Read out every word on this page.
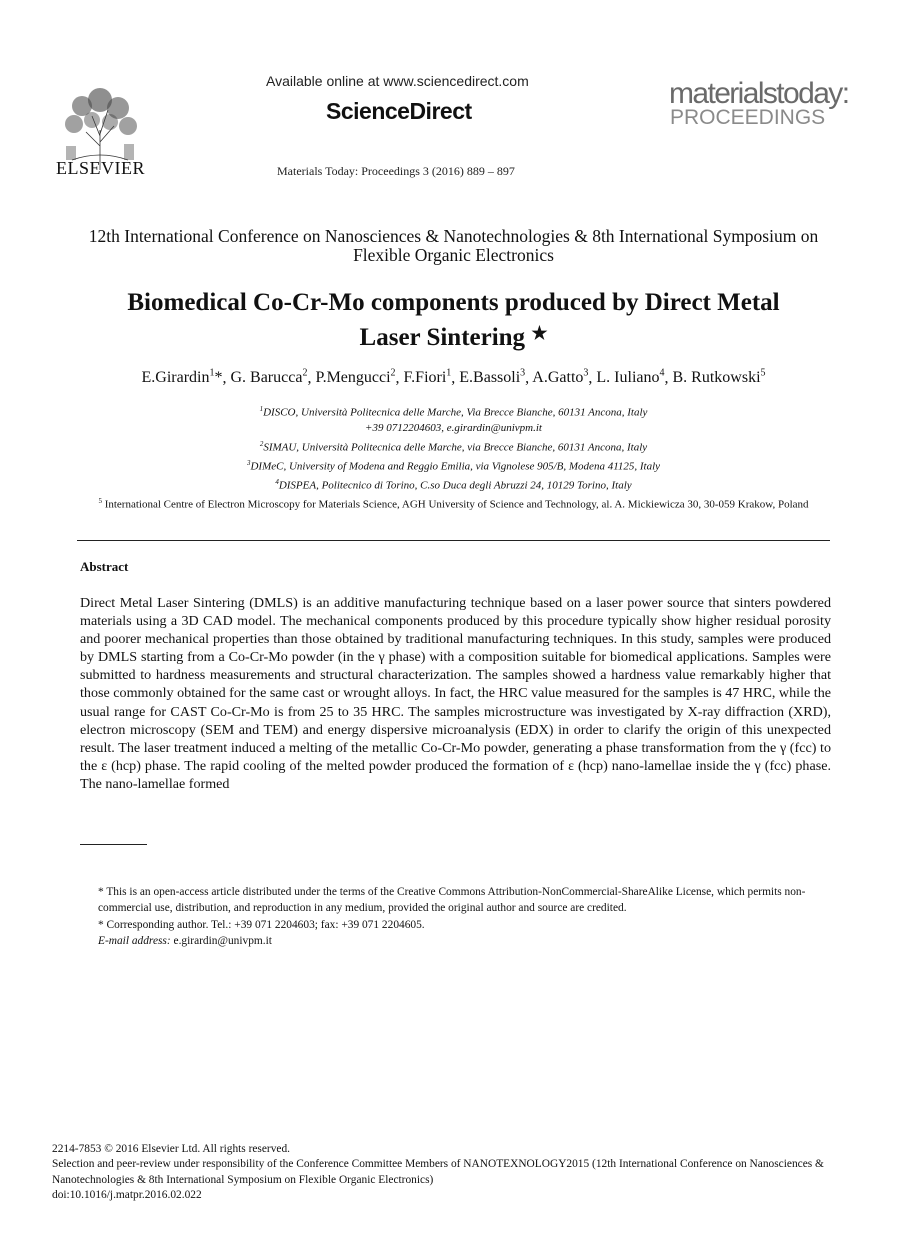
ELSEVIER
Available online at www.sciencedirect.com
ScienceDirect
Materials Today: Proceedings 3 (2016) 889 – 897
materialstoday:
PROCEEDINGS
12th International Conference on Nanosciences & Nanotechnologies & 8th International Symposium on Flexible Organic Electronics
Biomedical Co-Cr-Mo components produced by Direct Metal
Laser Sintering ★
E.Girardin$^1$*, G. Barucca$^2$, P.Mengucci$^2$, F.Fiori$^1$, E.Bassoli$^3$, A.Gatto$^3$, L. Iuliano$^4$, B. Rutkowski$^5$
$^1$DISCO, Università Politecnica delle Marche, Via Brecce Bianche, 60131 Ancona, Italy
+39 0712204603, e.girardin@univpm.it
$^2$SIMAU, Università Politecnica delle Marche, via Brecce Bianche, 60131 Ancona, Italy
$^3$DIMeC, University of Modena and Reggio Emilia, via Vignolese 905/B, Modena 41125, Italy
$^4$DISPEA, Politecnico di Torino, C.so Duca degli Abruzzi 24, 10129 Torino, Italy
$^5$ International Centre of Electron Microscopy for Materials Science, AGH University of Science and Technology, al. A. Mickiewicza 30, 30-059 Krakow, Poland
Abstract
Direct Metal Laser Sintering (DMLS) is an additive manufacturing technique based on a laser power source that sinters powdered materials using a 3D CAD model. The mechanical components produced by this procedure typically show higher residual porosity and poorer mechanical properties than those obtained by traditional manufacturing techniques. In this study, samples were produced by DMLS starting from a Co-Cr-Mo powder (in the γ phase) with a composition suitable for biomedical applications. Samples were submitted to hardness measurements and structural characterization. The samples showed a hardness value remarkably higher that those commonly obtained for the same cast or wrought alloys. In fact, the HRC value measured for the samples is 47 HRC, while the usual range for CAST Co-Cr-Mo is from 25 to 35 HRC. The samples microstructure was investigated by X-ray diffraction (XRD), electron microscopy (SEM and TEM) and energy dispersive microanalysis (EDX) in order to clarify the origin of this unexpected result. The laser treatment induced a melting of the metallic Co-Cr-Mo powder, generating a phase transformation from the γ (fcc) to the ε (hcp) phase. The rapid cooling of the melted powder produced the formation of ε (hcp) nano-lamellae inside the γ (fcc) phase. The nano-lamellae formed
* This is an open-access article distributed under the terms of the Creative Commons Attribution-NonCommercial-ShareAlike License, which permits non-commercial use, distribution, and reproduction in any medium, provided the original author and source are credited.
* Corresponding author. Tel.: +39 071 2204603; fax: +39 071 2204605.
E-mail address: e.girardin@univpm.it
2214-7853 © 2016 Elsevier Ltd. All rights reserved.
Selection and peer-review under responsibility of the Conference Committee Members of NANOTEXNOLOGY2015 (12th International Conference on Nanosciences & Nanotechnologies & 8th International Symposium on Flexible Organic Electronics)
doi:10.1016/j.matpr.2016.02.022
